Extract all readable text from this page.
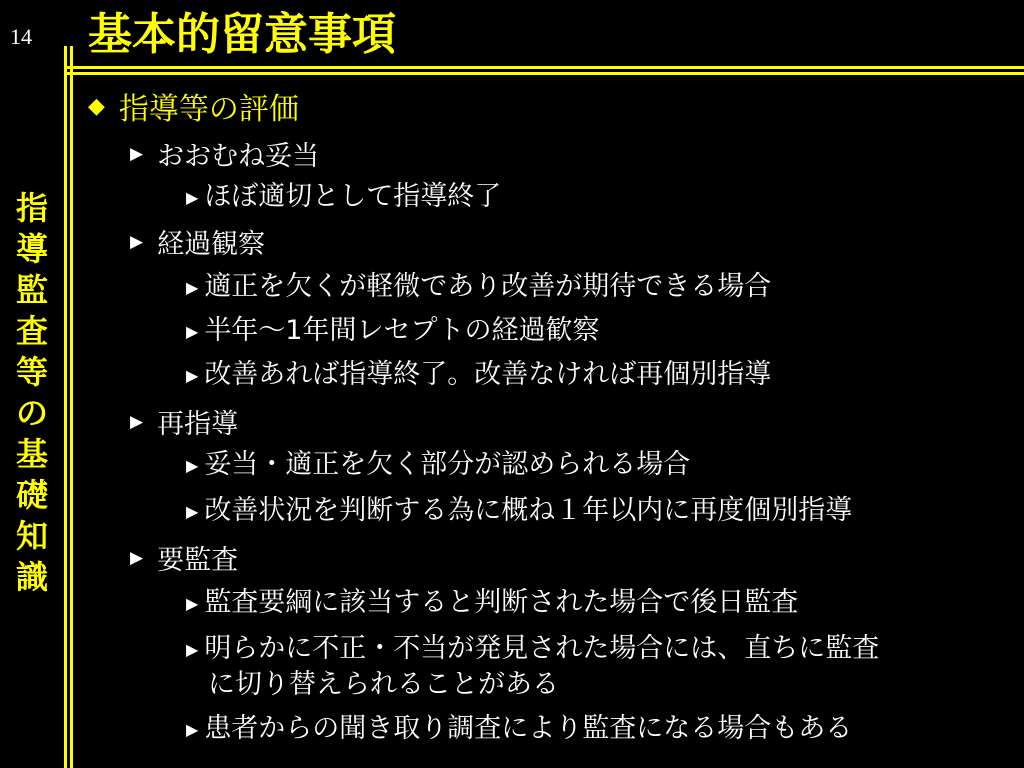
14 基本的留意事項
指
導
監
査
等
の
基
礎
知
識
◆ 指導等の評価
▶ おおむね妥当
▶ ほぼ適切として指導終了
▶ 経過観察
▶ 適正を欠くが軽微であり改善が期待できる場合
▶ 半年～1年間レセプトの経過歓察
▶ 改善あれば指導終了。改善なければ再個別指導
▶ 再指導
▶ 妥当・適正を欠く部分が認められる場合
▶ 改善状況を判断する為に概ね１年以内に再度個別指導
▶ 要監査
▶ 監査要綱に該当すると判断された場合で後日監査
▶ 明らかに不正・不当が発見された場合には、直ちに監査
に切り替えられることがある
▶ 患者からの聞き取り調査により監査になる場合もある
